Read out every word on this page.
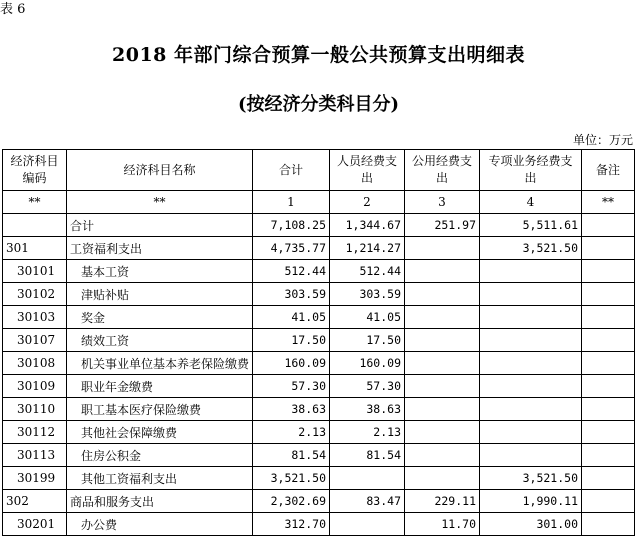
表 6
2018 年部门综合预算一般公共预算支出明细表
(按经济分类科目分)
单位：万元
经济科目编码	经济科目名称	合计	人员经费支出	公用经费支出	专项业务经费支出	备注
**	**	1	2	3	4	**
	合计	7,108.25	1,344.67	251.97	5,511.61	
301	工资福利支出	4,735.77	1,214.27		3,521.50	
30101	基本工资	512.44	512.44			
30102	津贴补贴	303.59	303.59			
30103	奖金	41.05	41.05			
30107	绩效工资	17.50	17.50			
30108	机关事业单位基本养老保险缴费	160.09	160.09			
30109	职业年金缴费	57.30	57.30			
30110	职工基本医疗保险缴费	38.63	38.63			
30112	其他社会保障缴费	2.13	2.13			
30113	住房公积金	81.54	81.54			
30199	其他工资福利支出	3,521.50			3,521.50	
302	商品和服务支出	2,302.69	83.47	229.11	1,990.11	
30201	办公费	312.70		11.70	301.00	
